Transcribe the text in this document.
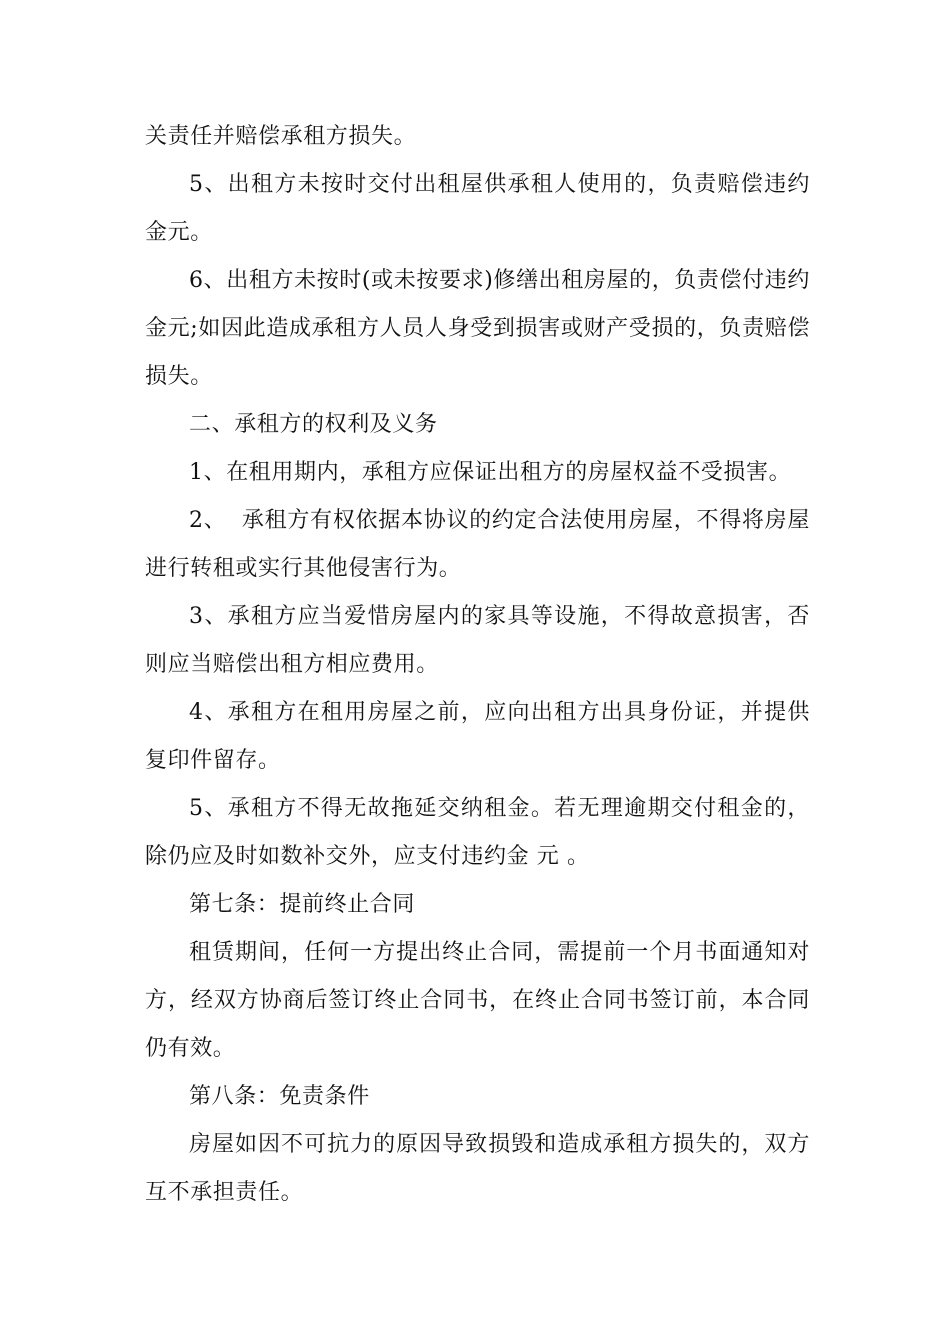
关责任并赔偿承租方损失。

5、出租方未按时交付出租屋供承租人使用的，负责赔偿违约金元。

6、出租方未按时(或未按要求)修缮出租房屋的，负责偿付违约金元;如因此造成承租方人员人身受到损害或财产受损的，负责赔偿损失。

二、承租方的权利及义务

1、在租用期内，承租方应保证出租方的房屋权益不受损害。

2、  承租方有权依据本协议的约定合法使用房屋，不得将房屋进行转租或实行其他侵害行为。

3、承租方应当爱惜房屋内的家具等设施，不得故意损害，否则应当赔偿出租方相应费用。

4、承租方在租用房屋之前，应向出租方出具身份证，并提供复印件留存。

5、承租方不得无故拖延交纳租金。若无理逾期交付租金的，除仍应及时如数补交外，应支付违约金 元 。

第七条：提前终止合同

租赁期间，任何一方提出终止合同，需提前一个月书面通知对方，经双方协商后签订终止合同书，在终止合同书签订前，本合同仍有效。

第八条：免责条件

房屋如因不可抗力的原因导致损毁和造成承租方损失的，双方互不承担责任。
